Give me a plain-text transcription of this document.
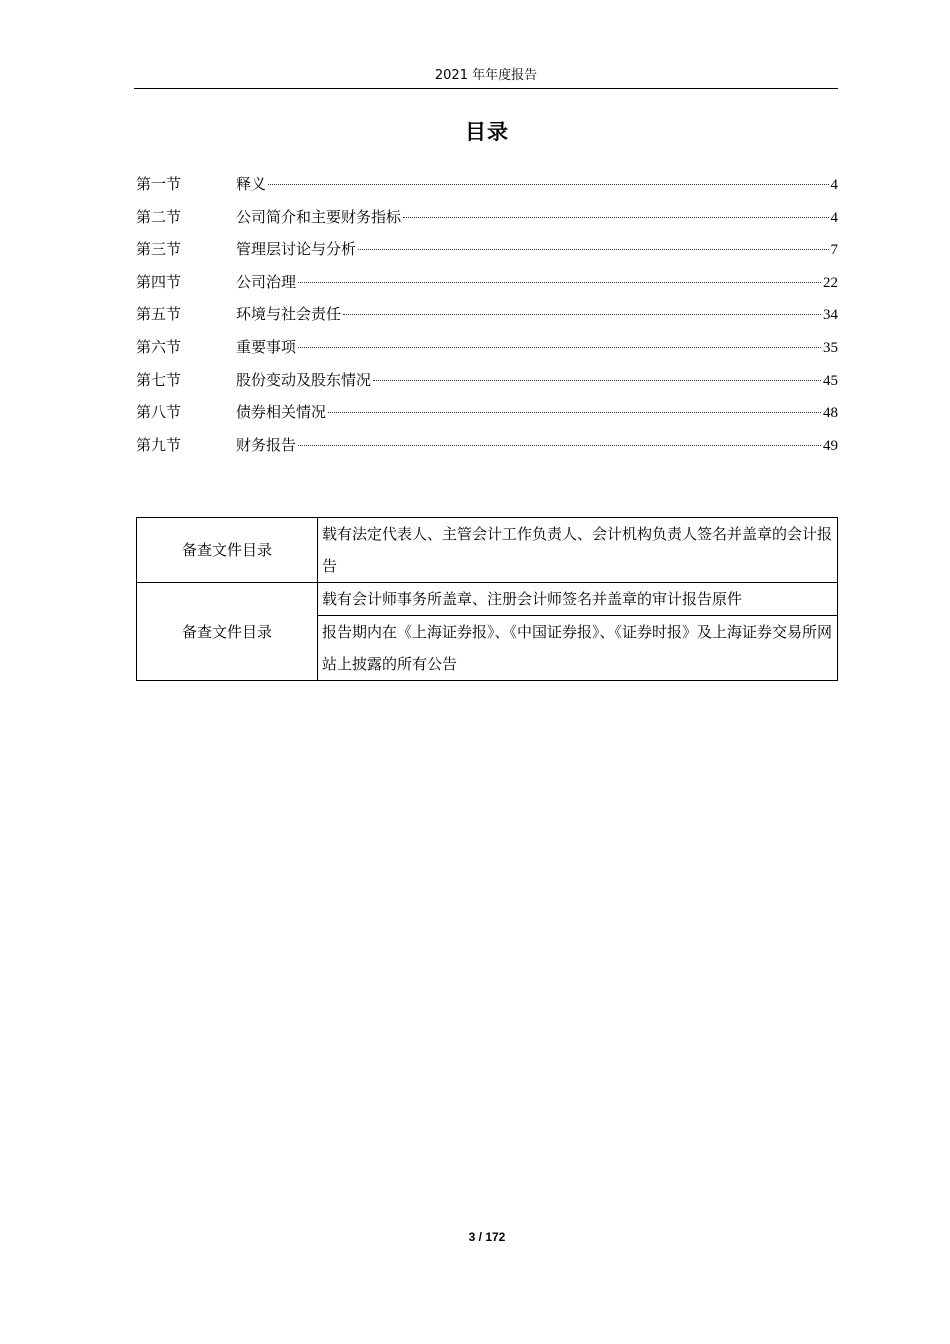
2021 年年度报告
目录
第一节	释义	4
第二节	公司简介和主要财务指标	4
第三节	管理层讨论与分析	7
第四节	公司治理	22
第五节	环境与社会责任	34
第六节	重要事项	35
第七节	股份变动及股东情况	45
第八节	债券相关情况	48
第九节	财务报告	49
备查文件目录	载有法定代表人、主管会计工作负责人、会计机构负责人签名并盖章的会计报告
备查文件目录	载有会计师事务所盖章、注册会计师签名并盖章的审计报告原件
	报告期内在《上海证券报》、《中国证券报》、《证券时报》及上海证券交易所网站上披露的所有公告
3 / 172
